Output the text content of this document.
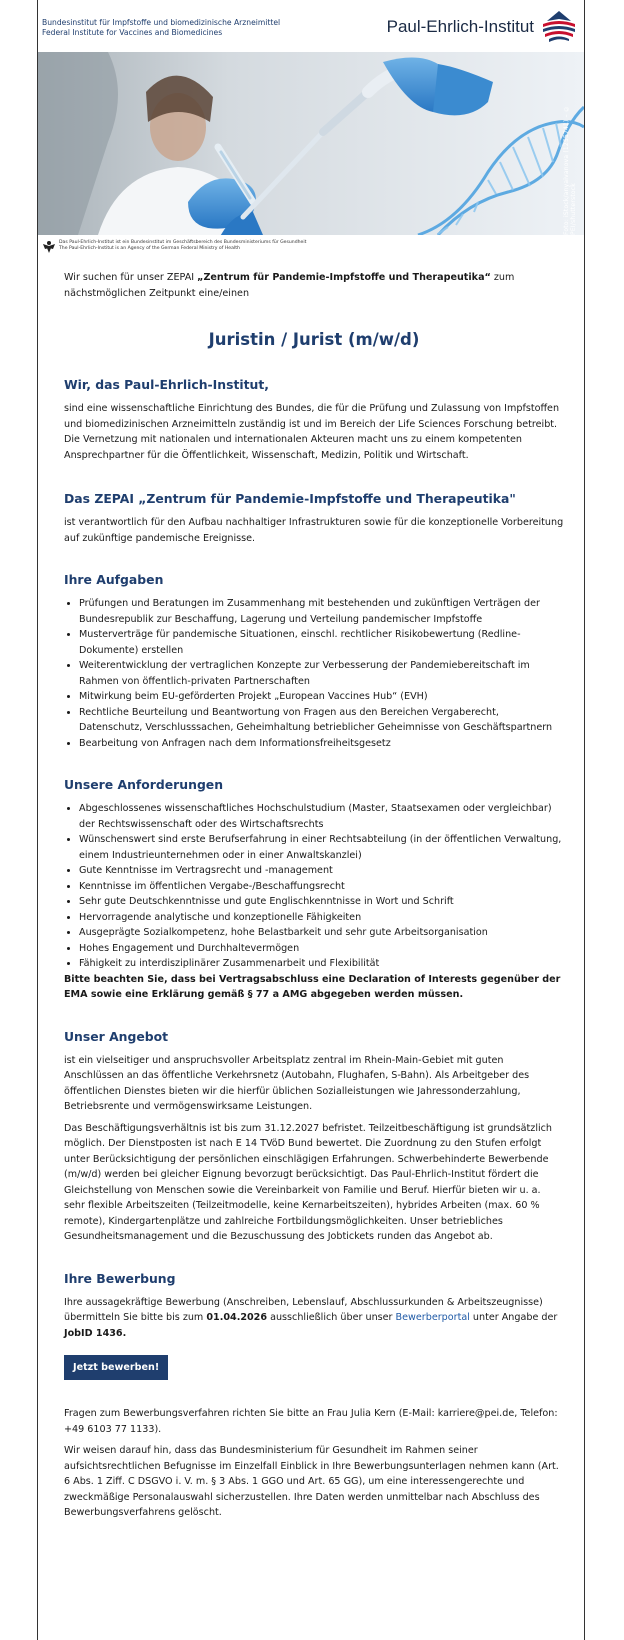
Bundesinstitut für Impfstoffe und biomedizinische Arzneimittel
Federal Institute for Vaccines and Biomedicines	Paul-Ehrlich-Institut
Foto: iStock/anyaivanova (1255741) – © PEI/shutterstock
Das Paul-Ehrlich-Institut ist ein Bundesinstitut im Geschäftsbereich des Bundesministeriums für Gesundheit
The Paul-Ehrlich-Institut is an Agency of the German Federal Ministry of Health

Wir suchen für unser ZEPAI „Zentrum für Pandemie-Impfstoffe und Therapeutika“ zum nächstmöglichen Zeitpunkt eine/einen

Juristin / Jurist (m/w/d)
Wir, das Paul-Ehrlich-Institut,

sind eine wissenschaftliche Einrichtung des Bundes, die für die Prüfung und Zulassung von Impfstoffen und biomedizinischen Arzneimitteln zuständig ist und im Bereich der Life Sciences Forschung betreibt. Die Vernetzung mit nationalen und internationalen Akteuren macht uns zu einem kompetenten Ansprechpartner für die Öffentlichkeit, Wissenschaft, Medizin, Politik und Wirtschaft.

Das ZEPAI „Zentrum für Pandemie-Impfstoffe und Therapeutika"

ist verantwortlich für den Aufbau nachhaltiger Infrastrukturen sowie für die konzeptionelle Vorbereitung auf zukünftige pandemische Ereignisse.

Ihre Aufgaben
• Prüfungen und Beratungen im Zusammenhang mit bestehenden und zukünftigen Verträgen der Bundesrepublik zur Beschaffung, Lagerung und Verteilung pandemischer Impfstoffe
• Musterverträge für pandemische Situationen, einschl. rechtlicher Risikobewertung (Redline-Dokumente) erstellen
• Weiterentwicklung der vertraglichen Konzepte zur Verbesserung der Pandemiebereitschaft im Rahmen von öffentlich-privaten Partnerschaften
• Mitwirkung beim EU-geförderten Projekt „European Vaccines Hub“ (EVH)
• Rechtliche Beurteilung und Beantwortung von Fragen aus den Bereichen Vergaberecht, Datenschutz, Verschlusssachen, Geheimhaltung betrieblicher Geheimnisse von Geschäftspartnern
• Bearbeitung von Anfragen nach dem Informationsfreiheitsgesetz
Unsere Anforderungen
• Abgeschlossenes wissenschaftliches Hochschulstudium (Master, Staatsexamen oder vergleichbar) der Rechtswissenschaft oder des Wirtschaftsrechts
• Wünschenswert sind erste Berufserfahrung in einer Rechtsabteilung (in der öffentlichen Verwaltung, einem Industrieunternehmen oder in einer Anwaltskanzlei)
• Gute Kenntnisse im Vertragsrecht und -management
• Kenntnisse im öffentlichen Vergabe-/Beschaffungsrecht
• Sehr gute Deutschkenntnisse und gute Englischkenntnisse in Wort und Schrift
• Hervorragende analytische und konzeptionelle Fähigkeiten
• Ausgeprägte Sozialkompetenz, hohe Belastbarkeit und sehr gute Arbeitsorganisation
• Hohes Engagement und Durchhaltevermögen
• Fähigkeit zu interdisziplinärer Zusammenarbeit und Flexibilität

Bitte beachten Sie, dass bei Vertragsabschluss eine Declaration of Interests gegenüber der EMA sowie eine Erklärung gemäß § 77 a AMG abgegeben werden müssen.

Unser Angebot

ist ein vielseitiger und anspruchsvoller Arbeitsplatz zentral im Rhein-Main-Gebiet mit guten Anschlüssen an das öffentliche Verkehrsnetz (Autobahn, Flughafen, S-Bahn). Als Arbeitgeber des öffentlichen Dienstes bieten wir die hierfür üblichen Sozialleistungen wie Jahressonderzahlung, Betriebsrente und vermögenswirksame Leistungen.

Das Beschäftigungsverhältnis ist bis zum 31.12.2027 befristet. Teilzeitbeschäftigung ist grundsätzlich möglich. Der Dienstposten ist nach E 14 TVöD Bund bewertet. Die Zuordnung zu den Stufen erfolgt unter Berücksichtigung der persönlichen einschlägigen Erfahrungen. Schwerbehinderte Bewerbende (m/w/d) werden bei gleicher Eignung bevorzugt berücksichtigt. Das Paul-Ehrlich-Institut fördert die Gleichstellung von Menschen sowie die Vereinbarkeit von Familie und Beruf. Hierfür bieten wir u. a. sehr flexible Arbeitszeiten (Teilzeitmodelle, keine Kernarbeitszeiten), hybrides Arbeiten (max. 60 % remote), Kindergartenplätze und zahlreiche Fortbildungsmöglichkeiten. Unser betriebliches Gesundheitsmanagement und die Bezuschussung des Jobtickets runden das Angebot ab.

Ihre Bewerbung

Ihre aussagekräftige Bewerbung (Anschreiben, Lebenslauf, Abschlussurkunden & Arbeitszeugnisse) übermitteln Sie bitte bis zum 01.04.2026 ausschließlich über unser Bewerberportal unter Angabe der JobID 1436.

Jetzt bewerben!

Fragen zum Bewerbungsverfahren richten Sie bitte an Frau Julia Kern (E-Mail: karriere@pei.de, Telefon: +49 6103 77 1133).

Wir weisen darauf hin, dass das Bundesministerium für Gesundheit im Rahmen seiner aufsichtsrechtlichen Befugnisse im Einzelfall Einblick in Ihre Bewerbungsunterlagen nehmen kann (Art. 6 Abs. 1 Ziff. C DSGVO i. V. m. § 3 Abs. 1 GGO und Art. 65 GG), um eine interessengerechte und zweckmäßige Personalauswahl sicherzustellen. Ihre Daten werden unmittelbar nach Abschluss des Bewerbungsverfahrens gelöscht.
